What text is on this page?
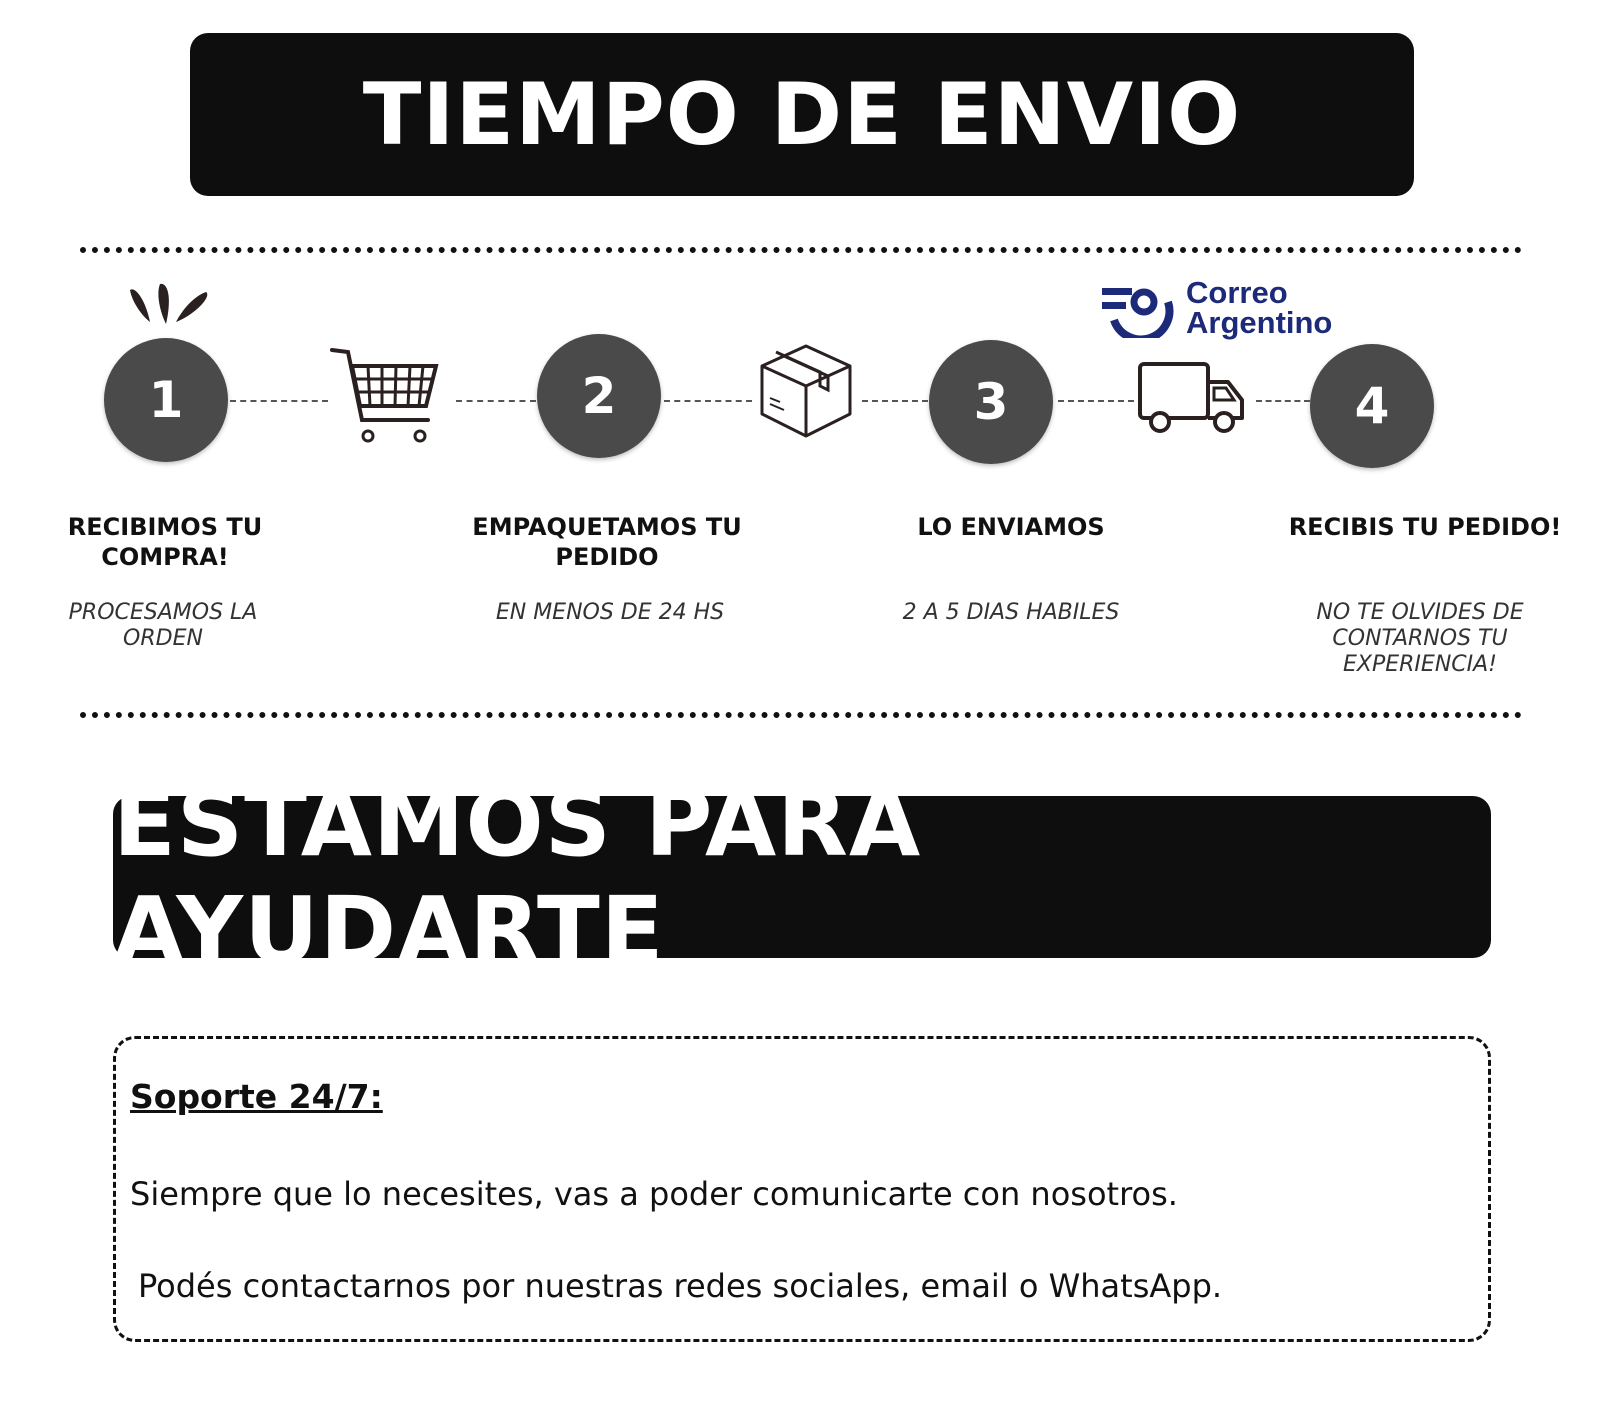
TIEMPO DE ENVIO
1	2	3	4
Correo
Argentino
RECIBIMOS TU COMPRA!
EMPAQUETAMOS TU PEDIDO
LO ENVIAMOS	RECIBIS TU PEDIDO!
PROCESAMOS LA ORDEN
EN MENOS DE 24 HS	2 A 5 DIAS HABILES	NO TE OLVIDES DE CONTARNOS TU EXPERIENCIA!
ESTAMOS PARA AYUDARTE
Soporte 24/7:
Siempre que lo necesites, vas a poder comunicarte con nosotros.
Podés contactarnos por nuestras redes sociales, email o WhatsApp.
